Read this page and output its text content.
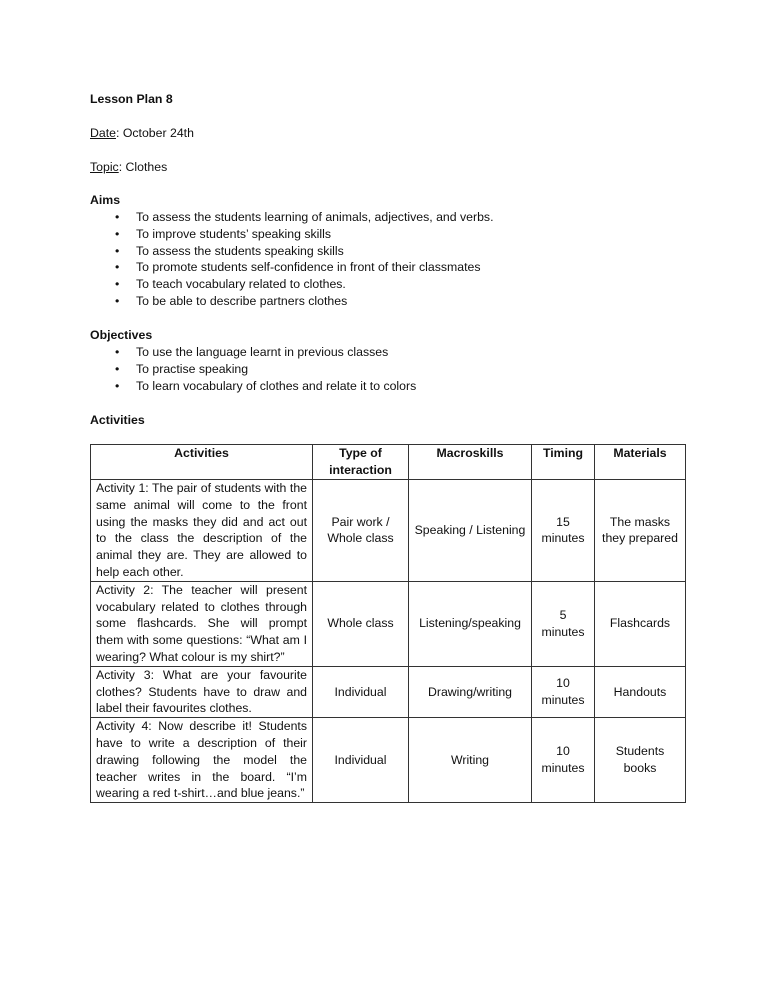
Lesson Plan 8
Date: October 24th
Topic: Clothes
Aims
• To assess the students learning of animals, adjectives, and verbs.
• To improve students’ speaking skills
• To assess the students speaking skills
• To promote students self-confidence in front of their classmates
• To teach vocabulary related to clothes.
• To be able to describe partners clothes
Objectives
• To use the language learnt in previous classes
• To practise speaking
• To learn vocabulary of clothes and relate it to colors
Activities
Activities	Type of interaction	Macroskills	Timing	Materials
Activity 1: The pair of students with the same animal will come to the front using the masks they did and act out to the class the description of the animal they are. They are allowed to help each other.	Pair work / Whole class	Speaking / Listening	15 minutes	The masks they prepared
Activity 2: The teacher will present vocabulary related to clothes through some flashcards. She will prompt them with some questions: “What am I wearing? What colour is my shirt?”	Whole class	Listening/speaking	5 minutes	Flashcards
Activity 3: What are your favourite clothes? Students have to draw and label their favourites clothes.	Individual	Drawing/writing	10 minutes	Handouts
Activity 4: Now describe it! Students have to write a description of their drawing following the model the teacher writes in the board. “I’m wearing a red t-shirt…and blue jeans.”	Individual	Writing	10 minutes	Students books
